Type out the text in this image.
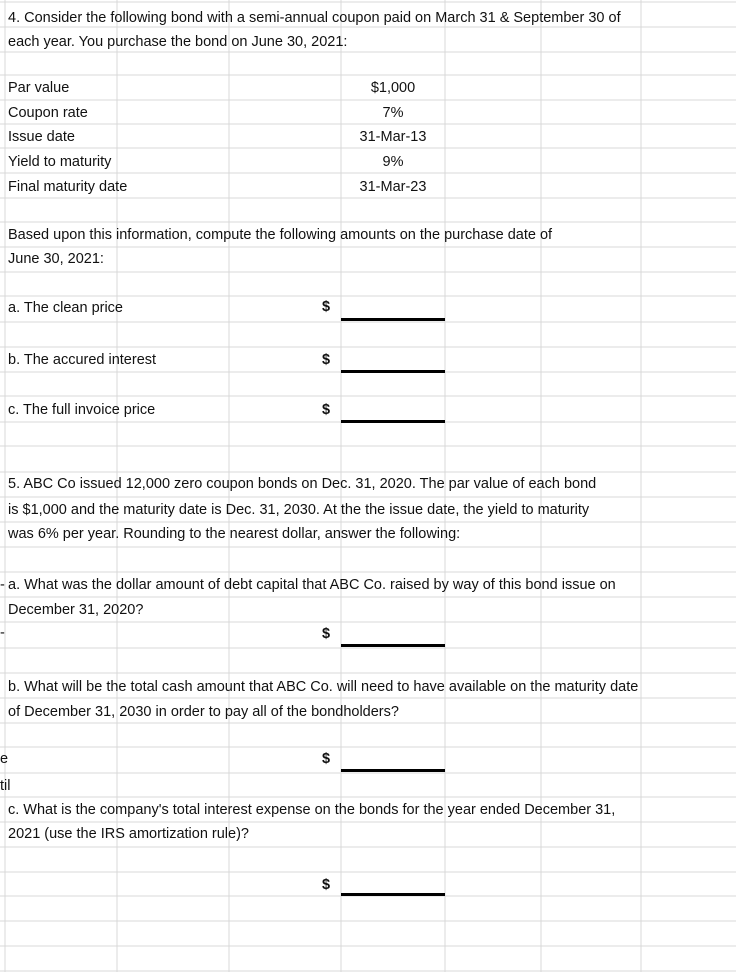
4. Consider the following bond with a semi-annual coupon paid on March 31 & September 30 of
each year. You purchase the bond on June 30, 2021:
Par value	$1,000
Coupon rate	7%
Issue date	31-Mar-13
Yield to maturity	9%
Final maturity date	31-Mar-23
Based upon this information, compute the following amounts on the purchase date of
June 30, 2021:
a. The clean price	$
b. The accured interest	$
c. The full invoice price	$
5. ABC Co issued 12,000 zero coupon bonds on Dec. 31, 2020. The par value of each bond
is $1,000 and the maturity date is Dec. 31, 2030. At the the issue date, the yield to maturity
was 6% per year. Rounding to the nearest dollar, answer the following:
- a. What was the dollar amount of debt capital that ABC Co. raised by way of this bond issue on
December 31, 2020?
-	$
b. What will be the total cash amount that ABC Co. will need to have available on the maturity date
of December 31, 2030 in order to pay all of the bondholders?
e	$
til
c. What is the company's total interest expense on the bonds for the year ended December 31,
2021 (use the IRS amortization rule)?
$
